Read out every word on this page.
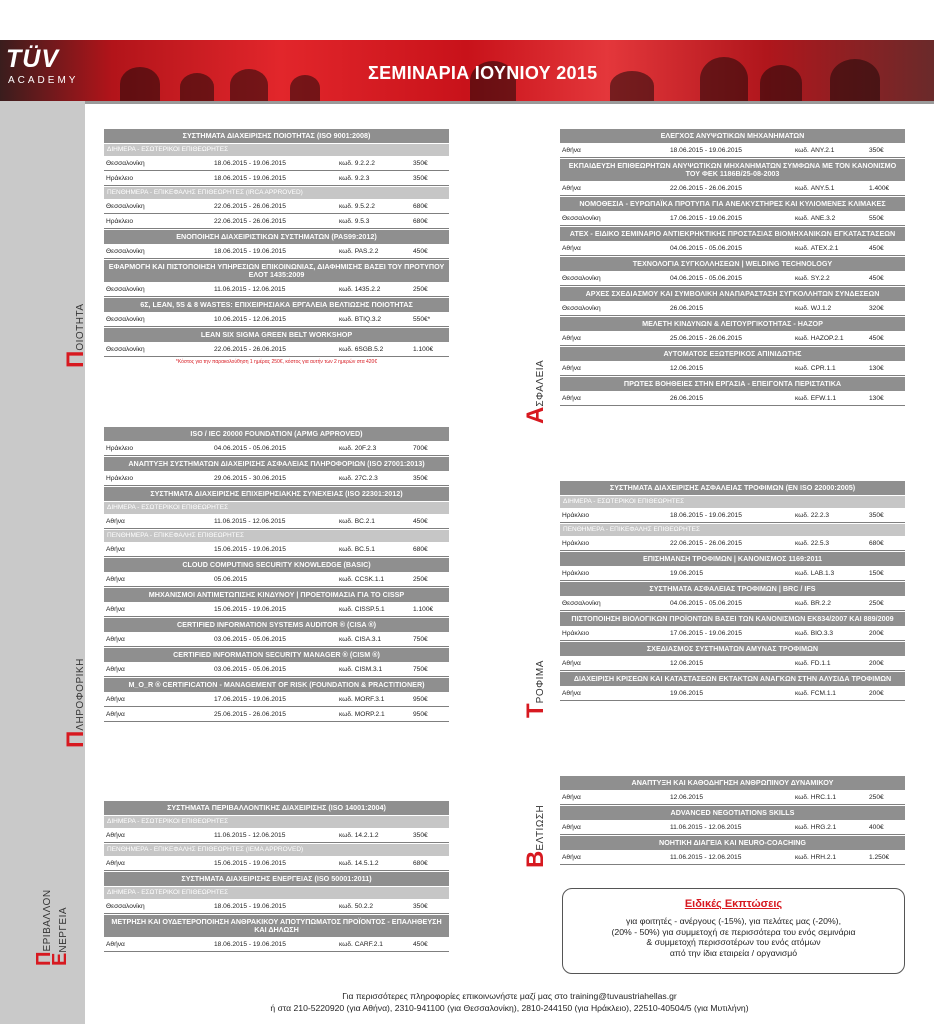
TÜV
ACADEMY	ΣΕΜΙΝΑΡΙΑ ΙΟΥΝΙΟΥ 2015
ΠΟΙΟΤΗΤΑ
ΠΛΗΡΟΦΟΡΙΚΗ
ΠΕΡΙΒΑΛΛΟΝ
ΕΝΕΡΓΕΙΑ
ΑΣΦΑΛΕΙΑ
ΤΡΟΦΙΜΑ
ΒΕΛΤΙΩΣΗ
ΣΥΣΤΗΜΑΤΑ ΔΙΑΧΕΙΡΙΣΗΣ ΠΟΙΟΤΗΤΑΣ (ISO 9001:2008)
ΔΙΗΜΕΡΑ - ΕΣΩΤΕΡΙΚΟΙ ΕΠΙΘΕΩΡΗΤΕΣ
Θεσσαλονίκη	18.06.2015 - 19.06.2015	κωδ. 9.2.2.2	350€
Ηράκλειο	18.06.2015 - 19.06.2015	κωδ. 9.2.3	350€
ΠΕΝΘΗΜΕΡΑ - ΕΠΙΚΕΦΑΛΗΣ ΕΠΙΘΕΩΡΗΤΕΣ (IRCA APPROVED)
Θεσσαλονίκη	22.06.2015 - 26.06.2015	κωδ. 9.5.2.2	680€
Ηράκλειο	22.06.2015 - 26.06.2015	κωδ. 9.5.3	680€
ΕΝΟΠΟΙΗΣΗ ΔΙΑΧΕΙΡΙΣΤΙΚΩΝ ΣΥΣΤΗΜΑΤΩΝ (PAS99:2012)
Θεσσαλονίκη	18.06.2015 - 19.06.2015	κωδ. PAS.2.2	450€
ΕΦΑΡΜΟΓΗ ΚΑΙ ΠΙΣΤΟΠΟΙΗΣΗ ΥΠΗΡΕΣΙΩΝ ΕΠΙΚΟΙΝΩΝΙΑΣ, ΔΙΑΦΗΜΙΣΗΣ ΒΑΣΕΙ ΤΟΥ ΠΡΟΤΥΠΟΥ ΕΛΟΤ 1435:2009
Θεσσαλονίκη	11.06.2015 - 12.06.2015	κωδ. 1435.2.2	250€
6Σ, LEAN, 5S & 8 WASTES: ΕΠΙΧΕΙΡΗΣΙΑΚΑ ΕΡΓΑΛΕΙΑ ΒΕΛΤΙΩΣΗΣ ΠΟΙΟΤΗΤΑΣ
Θεσσαλονίκη	10.06.2015 - 12.06.2015	κωδ. BTIQ.3.2	550€*
LEAN SIX SIGMA GREEN BELT WORKSHOP
Θεσσαλονίκη	22.06.2015 - 26.06.2015	κωδ. 6SGB.5.2	1.100€
*Κόστος για την παρακολούθηση 1 ημέρας 250€, κόστος για αυτήν των 2 ημερών στα 420€
ISO / IEC 20000 FOUNDATION (APMG APPROVED)
Ηράκλειο	04.06.2015 - 05.06.2015	κωδ. 20F.2.3	700€
ΑΝΑΠΤΥΞΗ ΣΥΣΤΗΜΑΤΩΝ ΔΙΑΧΕΙΡΙΣΗΣ ΑΣΦΑΛΕΙΑΣ ΠΛΗΡΟΦΟΡΙΩΝ (ISO 27001:2013)
Ηράκλειο	29.06.2015 - 30.06.2015	κωδ. 27C.2.3	350€
ΣΥΣΤΗΜΑΤΑ ΔΙΑΧΕΙΡΙΣΗΣ ΕΠΙΧΕΙΡΗΣΙΑΚΗΣ ΣΥΝΕΧΕΙΑΣ (ISO 22301:2012)
ΔΙΗΜΕΡΑ - ΕΣΩΤΕΡΙΚΟΙ ΕΠΙΘΕΩΡΗΤΕΣ
Αθήνα	11.06.2015 - 12.06.2015	κωδ. BC.2.1	450€
ΠΕΝΘΗΜΕΡΑ - ΕΠΙΚΕΦΑΛΗΣ ΕΠΙΘΕΩΡΗΤΕΣ
Αθήνα	15.06.2015 - 19.06.2015	κωδ. BC.5.1	680€
CLOUD COMPUTING SECURITY KNOWLEDGE (BASIC)
Αθήνα	05.06.2015	κωδ. CCSK.1.1	250€
ΜΗΧΑΝΙΣΜΟΙ ΑΝΤΙΜΕΤΩΠΙΣΗΣ ΚΙΝΔΥΝΟΥ | ΠΡΟΕΤΟΙΜΑΣΙΑ ΓΙΑ ΤΟ CISSP
Αθήνα	15.06.2015 - 19.06.2015	κωδ. CISSP.5.1	1.100€
CERTIFIED INFORMATION SYSTEMS AUDITOR ® (CISA ®)
Αθήνα	03.06.2015 - 05.06.2015	κωδ. CISA.3.1	750€
CERTIFIED INFORMATION SECURITY MANAGER ® (CISM ®)
Αθήνα	03.06.2015 - 05.06.2015	κωδ. CISM.3.1	750€
M_O_R ® CERTIFICATION - MANAGEMENT OF RISK (FOUNDATION & PRACTITIONER)
Αθήνα	17.06.2015 - 19.06.2015	κωδ. MORF.3.1	950€
Αθήνα	25.06.2015 - 26.06.2015	κωδ. MORP.2.1	950€
ΣΥΣΤΗΜΑΤΑ ΠΕΡΙΒΑΛΛΟΝΤΙΚΗΣ ΔΙΑΧΕΙΡΙΣΗΣ (ISO 14001:2004)
ΔΙΗΜΕΡΑ - ΕΣΩΤΕΡΙΚΟΙ ΕΠΙΘΕΩΡΗΤΕΣ
Αθήνα	11.06.2015 - 12.06.2015	κωδ. 14.2.1.2	350€
ΠΕΝΘΗΜΕΡΑ - ΕΠΙΚΕΦΑΛΗΣ ΕΠΙΘΕΩΡΗΤΕΣ (IEMA APPROVED)
Αθήνα	15.06.2015 - 19.06.2015	κωδ. 14.5.1.2	680€
ΣΥΣΤΗΜΑΤΑ ΔΙΑΧΕΙΡΙΣΗΣ ΕΝΕΡΓΕΙΑΣ (ISO 50001:2011)
ΔΙΗΜΕΡΑ - ΕΣΩΤΕΡΙΚΟΙ ΕΠΙΘΕΩΡΗΤΕΣ
Θεσσαλονίκη	18.06.2015 - 19.06.2015	κωδ. 50.2.2	350€
ΜΕΤΡΗΣΗ ΚΑΙ ΟΥΔΕΤΕΡΟΠΟΙΗΣΗ ΑΝΘΡΑΚΙΚΟΥ ΑΠΟΤΥΠΩΜΑΤΟΣ ΠΡΟΪΟΝΤΟΣ - ΕΠΑΛΗΘΕΥΣΗ ΚΑΙ ΔΗΛΩΣΗ
Αθήνα	18.06.2015 - 19.06.2015	κωδ. CARF.2.1	450€
ΕΛΕΓΧΟΣ ΑΝΥΨΩΤΙΚΩΝ ΜΗΧΑΝΗΜΑΤΩΝ
Αθήνα	18.06.2015 - 19.06.2015	κωδ. ANY.2.1	350€
ΕΚΠΑΙΔΕΥΣΗ ΕΠΙΘΕΩΡΗΤΩΝ ΑΝΥΨΩΤΙΚΩΝ ΜΗΧΑΝΗΜΑΤΩΝ ΣΥΜΦΩΝΑ ΜΕ ΤΟΝ ΚΑΝΟΝΙΣΜΟ ΤΟΥ ΦΕΚ 1186Β/25-08-2003
Αθήνα	22.06.2015 - 26.06.2015	κωδ. ANY.5.1	1.400€
ΝΟΜΟΘΕΣΙΑ - ΕΥΡΩΠΑΪΚΑ ΠΡΟΤΥΠΑ ΓΙΑ ΑΝΕΛΚΥΣΤΗΡΕΣ ΚΑΙ ΚΥΛΙΟΜΕΝΕΣ ΚΛΙΜΑΚΕΣ
Θεσσαλονίκη	17.06.2015 - 19.06.2015	κωδ. ANE.3.2	550€
ATEX - ΕΙΔΙΚΟ ΣΕΜΙΝΑΡΙΟ ΑΝΤΙΕΚΡΗΚΤΙΚΗΣ ΠΡΟΣΤΑΣΙΑΣ ΒΙΟΜΗΧΑΝΙΚΩΝ ΕΓΚΑΤΑΣΤΑΣΕΩΝ
Αθήνα	04.06.2015 - 05.06.2015	κωδ. ATEX.2.1	450€
ΤΕΧΝΟΛΟΓΙΑ ΣΥΓΚΟΛΛΗΣΕΩΝ | WELDING TECHNOLOGY
Θεσσαλονίκη	04.06.2015 - 05.06.2015	κωδ. SY.2.2	450€
ΑΡΧΕΣ ΣΧΕΔΙΑΣΜΟΥ ΚΑΙ ΣΥΜΒΟΛΙΚΗ ΑΝΑΠΑΡΑΣΤΑΣΗ ΣΥΓΚΟΛΛΗΤΩΝ ΣΥΝΔΕΣΕΩΝ
Θεσσαλονίκη	26.06.2015	κωδ. WJ.1.2	320€
ΜΕΛΕΤΗ ΚΙΝΔΥΝΩΝ & ΛΕΙΤΟΥΡΓΙΚΟΤΗΤΑΣ - HAZOP
Αθήνα	25.06.2015 - 26.06.2015	κωδ. HAZOP.2.1	450€
ΑΥΤΟΜΑΤΟΣ ΕΞΩΤΕΡΙΚΟΣ ΑΠΙΝΙΔΩΤΗΣ
Αθήνα	12.06.2015	κωδ. CPR.1.1	130€
ΠΡΩΤΕΣ ΒΟΗΘΕΙΕΣ ΣΤΗΝ ΕΡΓΑΣΙΑ - ΕΠΕΙΓΟΝΤΑ ΠΕΡΙΣΤΑΤΙΚΑ
Αθήνα	26.06.2015	κωδ. EFW.1.1	130€
ΣΥΣΤΗΜΑΤΑ ΔΙΑΧΕΙΡΙΣΗΣ ΑΣΦΑΛΕΙΑΣ ΤΡΟΦΙΜΩΝ (EN ISO 22000:2005)
ΔΙΗΜΕΡΑ - ΕΣΩΤΕΡΙΚΟΙ ΕΠΙΘΕΩΡΗΤΕΣ
Ηράκλειο	18.06.2015 - 19.06.2015	κωδ. 22.2.3	350€
ΠΕΝΘΗΜΕΡΑ - ΕΠΙΚΕΦΑΛΗΣ ΕΠΙΘΕΩΡΗΤΕΣ
Ηράκλειο	22.06.2015 - 26.06.2015	κωδ. 22.5.3	680€
ΕΠΙΣΗΜΑΝΣΗ ΤΡΟΦΙΜΩΝ | ΚΑΝΟΝΙΣΜΟΣ 1169:2011
Ηράκλειο	19.06.2015	κωδ. LAB.1.3	150€
ΣΥΣΤΗΜΑΤΑ ΑΣΦΑΛΕΙΑΣ ΤΡΟΦΙΜΩΝ | BRC / IFS
Θεσσαλονίκη	04.06.2015 - 05.06.2015	κωδ. BR.2.2	250€
ΠΙΣΤΟΠΟΙΗΣΗ ΒΙΟΛΟΓΙΚΩΝ ΠΡΟΪΟΝΤΩΝ ΒΑΣΕΙ ΤΩΝ ΚΑΝΟΝΙΣΜΩΝ ΕΚ834/2007 ΚΑΙ 889/2009
Ηράκλειο	17.06.2015 - 19.06.2015	κωδ. BIO.3.3	200€
ΣΧΕΔΙΑΣΜΟΣ ΣΥΣΤΗΜΑΤΩΝ ΑΜΥΝΑΣ ΤΡΟΦΙΜΩΝ
Αθήνα	12.06.2015	κωδ. FD.1.1	200€
ΔΙΑΧΕΙΡΙΣΗ ΚΡΙΣΕΩΝ ΚΑΙ ΚΑΤΑΣΤΑΣΕΩΝ ΕΚΤΑΚΤΩΝ ΑΝΑΓΚΩΝ ΣΤΗΝ ΑΛΥΣΙΔΑ ΤΡΟΦΙΜΩΝ
Αθήνα	19.06.2015	κωδ. FCM.1.1	200€
ΑΝΑΠΤΥΞΗ ΚΑΙ ΚΑΘΟΔΗΓΗΣΗ ΑΝΘΡΩΠΙΝΟΥ ΔΥΝΑΜΙΚΟΥ
Αθήνα	12.06.2015	κωδ. HRC.1.1	250€
ADVANCED NEGOTIATIONS SKILLS
Αθήνα	11.06.2015 - 12.06.2015	κωδ. HRG.2.1	400€
ΝΟΗΤΙΚΗ ΔΙΑΓΕΙΑ ΚΑΙ NEURO-COACHING
Αθήνα	11.06.2015 - 12.06.2015	κωδ. HRH.2.1	1.250€
Ειδικές Εκπτώσεις
για φοιτητές - ανέργους (-15%), για πελάτες μας (-20%),
(20% - 50%) για συμμετοχή σε περισσότερα του ενός σεμινάρια
& συμμετοχή περισσοτέρων του ενός ατόμων
από την ίδια εταιρεία / οργανισμό
Για περισσότερες πληροφορίες επικοινωνήστε μαζί μας στο training@tuvaustriahellas.gr
ή στα 210-5220920 (για Αθήνα), 2310-941100 (για Θεσσαλονίκη), 2810-244150 (για Ηράκλειο), 22510-40504/5 (για Μυτιλήνη)
